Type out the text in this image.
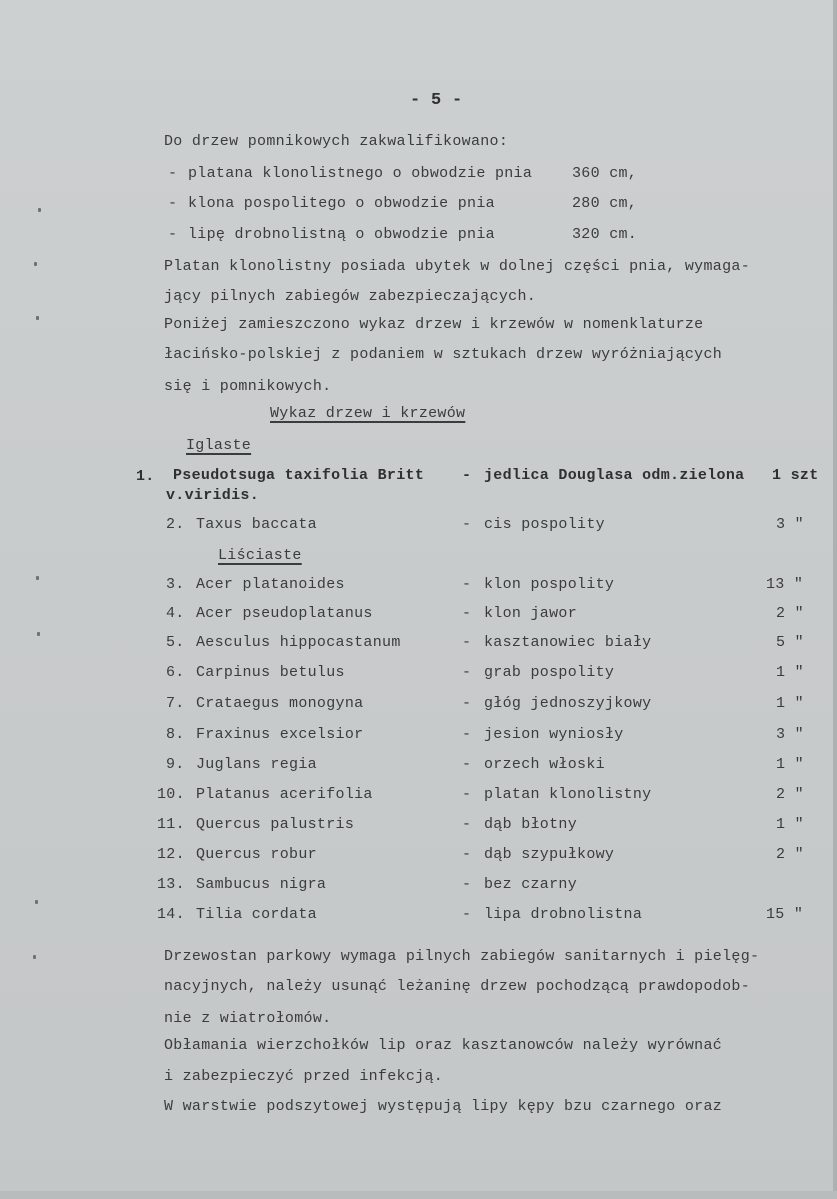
- 5 -
Do drzew pomnikowych zakwalifikowano:
- platana klonolistnego o obwodzie pnia	360 cm,
- klona pospolitego o obwodzie pnia	280 cm,
- lipę drobnolistną o obwodzie pnia	320 cm.
Platan klonolistny posiada ubytek w dolnej części pnia, wymaga-
jący pilnych zabiegów zabezpieczających.
Poniżej zamieszczono wykaz drzew i krzewów w nomenklaturze
łacińsko-polskiej z podaniem w sztukach drzew wyróżniających
się i pomnikowych.
Wykaz drzew i krzewów
Iglaste
1. Pseudotsuga taxifolia Britt	- jedlica Douglasa odm.zielona 1 szt
v.viridis.
2. Taxus baccata	- cis pospolity	3 "
Liściaste
3. Acer platanoides	- klon pospolity	13 "
4. Acer pseudoplatanus	- klon jawor	2 "
5. Aesculus hippocastanum	- kasztanowiec biały	5 "
6. Carpinus betulus	- grab pospolity	1 "
7. Crataegus monogyna	- głóg jednoszyjkowy	1 "
8. Fraxinus excelsior	- jesion wyniosły	3 "
9. Juglans regia	- orzech włoski	1 "
10. Platanus acerifolia	- platan klonolistny	2 "
11. Quercus palustris	- dąb błotny	1 "
12. Quercus robur	- dąb szypułkowy	2 "
13. Sambucus nigra	- bez czarny
14. Tilia cordata	- lipa drobnolistna	15 "
Drzewostan parkowy wymaga pilnych zabiegów sanitarnych i pielęg-
nacyjnych, należy usunąć leżaninę drzew pochodzącą prawdopodob-
nie z wiatrołomów.
Obłamania wierzchołków lip oraz kasztanowców należy wyrównać
i zabezpieczyć przed infekcją.
W warstwie podszytowej występują lipy kępy bzu czarnego oraz
